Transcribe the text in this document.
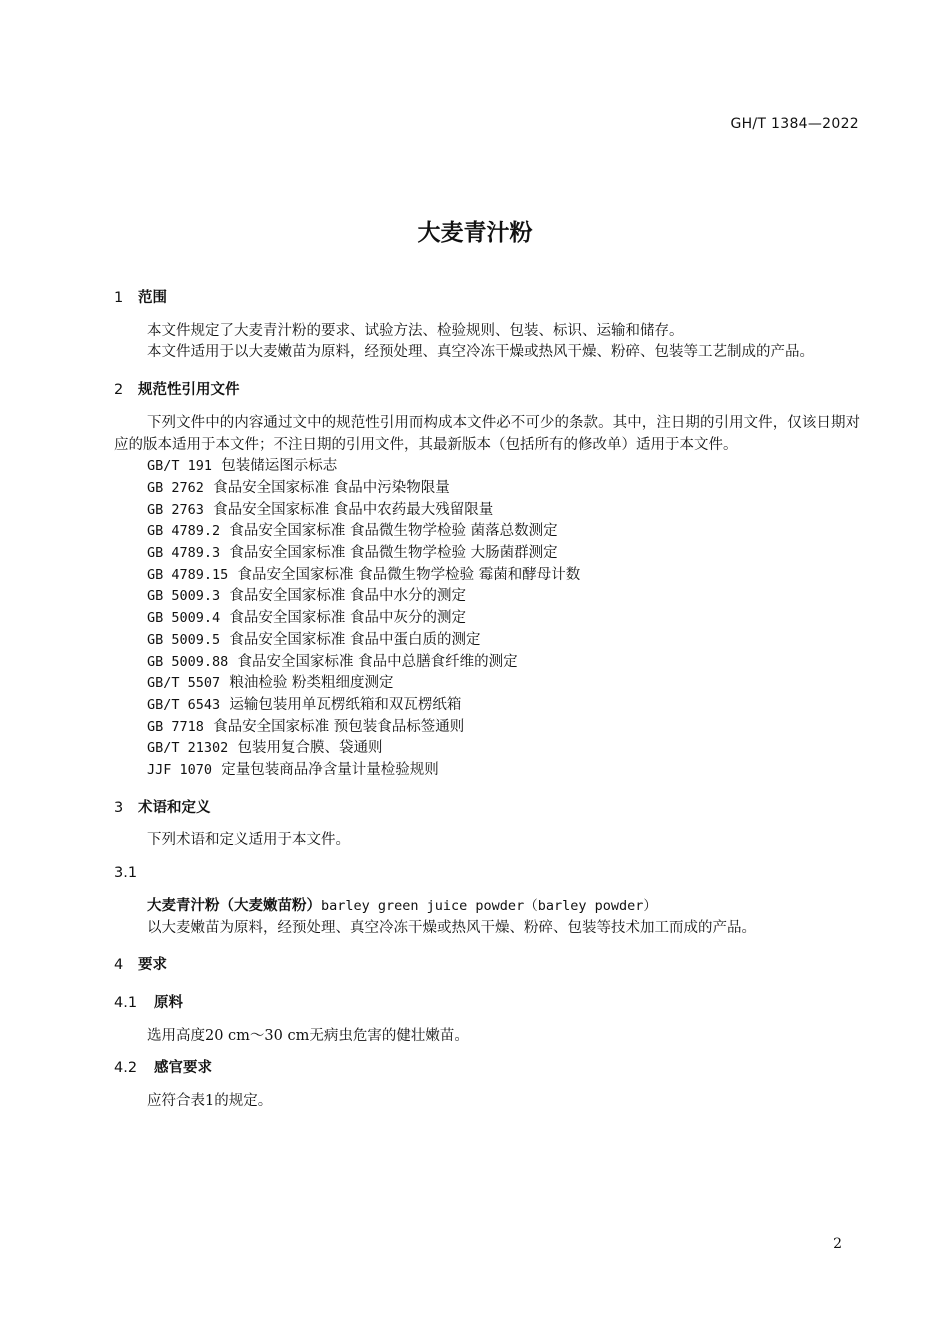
GH/T 1384—2022
大麦青汁粉
1 范围

本文件规定了大麦青汁粉的要求、试验方法、检验规则、包装、标识、运输和储存。

本文件适用于以大麦嫩苗为原料，经预处理、真空冷冻干燥或热风干燥、粉碎、包装等工艺制成的产品。

2 规范性引用文件

下列文件中的内容通过文中的规范性引用而构成本文件必不可少的条款。其中，注日期的引用文件，仅该日期对应的版本适用于本文件；不注日期的引用文件，其最新版本（包括所有的修改单）适用于本文件。

GB/T 191 包装储运图示标志

GB 2762 食品安全国家标准 食品中污染物限量

GB 2763 食品安全国家标准 食品中农药最大残留限量

GB 4789.2 食品安全国家标准 食品微生物学检验 菌落总数测定

GB 4789.3 食品安全国家标准 食品微生物学检验 大肠菌群测定

GB 4789.15 食品安全国家标准 食品微生物学检验 霉菌和酵母计数

GB 5009.3 食品安全国家标准 食品中水分的测定

GB 5009.4 食品安全国家标准 食品中灰分的测定

GB 5009.5 食品安全国家标准 食品中蛋白质的测定

GB 5009.88 食品安全国家标准 食品中总膳食纤维的测定

GB/T 5507 粮油检验 粉类粗细度测定

GB/T 6543 运输包装用单瓦楞纸箱和双瓦楞纸箱

GB 7718 食品安全国家标准 预包装食品标签通则

GB/T 21302 包装用复合膜、袋通则

JJF 1070 定量包装商品净含量计量检验规则

3 术语和定义

下列术语和定义适用于本文件。

3.1
大麦青汁粉（大麦嫩苗粉）barley green juice powder（barley powder）

以大麦嫩苗为原料，经预处理、真空冷冻干燥或热风干燥、粉碎、包装等技术加工而成的产品。

4 要求
4.1 原料

选用高度20 cm～30 cm无病虫危害的健壮嫩苗。

4.2 感官要求

应符合表1的规定。

2
